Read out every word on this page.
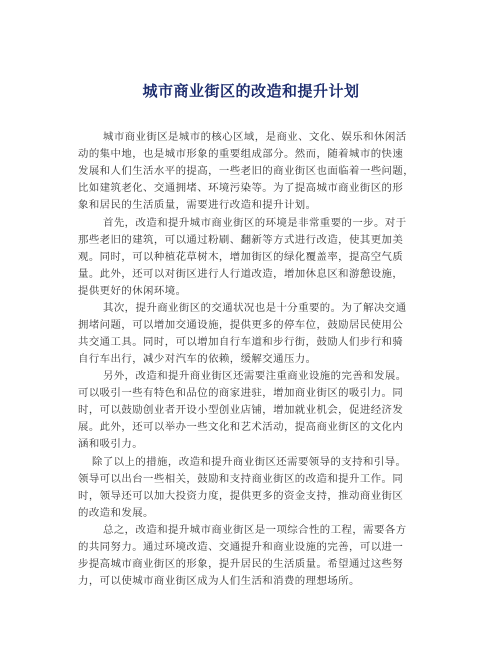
城市商业街区的改造和提升计划
城市商业街区是城市的核心区域，是商业、文化、娱乐和休闲活
动的集中地，也是城市形象的重要组成部分。然而，随着城市的快速
发展和人们生活水平的提高，一些老旧的商业街区也面临着一些问题，
比如建筑老化、交通拥堵、环境污染等。为了提高城市商业街区的形
象和居民的生活质量，需要进行改造和提升计划。
首先，改造和提升城市商业街区的环境是非常重要的一步。对于
那些老旧的建筑，可以通过粉刷、翻新等方式进行改造，使其更加美
观。同时，可以种植花草树木，增加街区的绿化覆盖率，提高空气质
量。此外，还可以对街区进行人行道改造，增加休息区和游憩设施，
提供更好的休闲环境。
其次，提升商业街区的交通状况也是十分重要的。为了解决交通
拥堵问题，可以增加交通设施，提供更多的停车位，鼓励居民使用公
共交通工具。同时，可以增加自行车道和步行街，鼓励人们步行和骑
自行车出行，减少对汽车的依赖，缓解交通压力。
另外，改造和提升商业街区还需要注重商业设施的完善和发展。
可以吸引一些有特色和品位的商家进驻，增加商业街区的吸引力。同
时，可以鼓励创业者开设小型创业店铺，增加就业机会，促进经济发
展。此外，还可以举办一些文化和艺术活动，提高商业街区的文化内
涵和吸引力。
除了以上的措施，改造和提升商业街区还需要领导的支持和引导。
领导可以出台一些相关，鼓励和支持商业街区的改造和提升工作。同
时，领导还可以加大投资力度，提供更多的资金支持，推动商业街区
的改造和发展。
总之，改造和提升城市商业街区是一项综合性的工程，需要各方
的共同努力。通过环境改造、交通提升和商业设施的完善，可以进一
步提高城市商业街区的形象，提升居民的生活质量。希望通过这些努
力，可以使城市商业街区成为人们生活和消费的理想场所。
